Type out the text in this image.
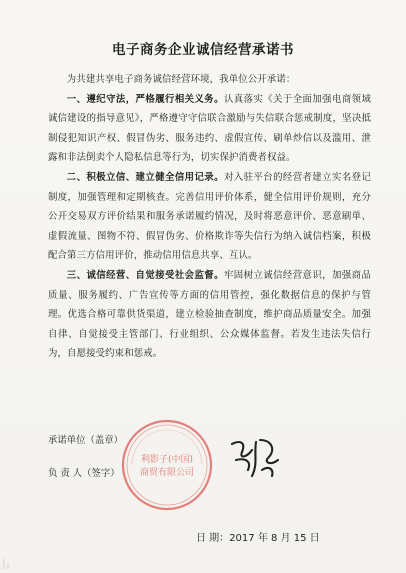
电子商务企业诚信经营承诺书

为共建共享电子商务诚信经营环境，我单位公开承诺：

一、遵纪守法，严格履行相关义务。认真落实《关于全面加强电商领域诚信建设的指导意见》，严格遵守守信联合激励与失信联合惩戒制度，坚决抵制侵犯知识产权、假冒伪劣、服务违约、虚假宣传、刷单炒信以及滥用、泄露和非法倒卖个人隐私信息等行为，切实保护消费者权益。

二、积极立信、建立健全信用记录。对入驻平台的经营者建立实名登记制度，加强管理和定期核查。完善信用评价体系，健全信用评价规则，充分公开交易双方评价结果和服务承诺履约情况，及时将恶意评价、恶意刷单、虚假流量、图物不符、假冒伪劣、价格欺诈等失信行为纳入诚信档案，积极配合第三方信用评价，推动信用信息共享、互认。

三、诚信经营、自觉接受社会监督。牢固树立诚信经营意识，加强商品质量、服务履约、广告宣传等方面的信用管控，强化数据信息的保护与管理。优选合格可靠供货渠道，建立检验抽查制度，维护商品质量安全。加强自律、自觉接受主管部门、行业组织、公众媒体监督。若发生违法失信行为，自愿接受约束和惩戒。

承诺单位（盖章）
负 责 人（签字）
日 期：2017 年 8 月 15 日
利影子(中国)
商贸有限公司
